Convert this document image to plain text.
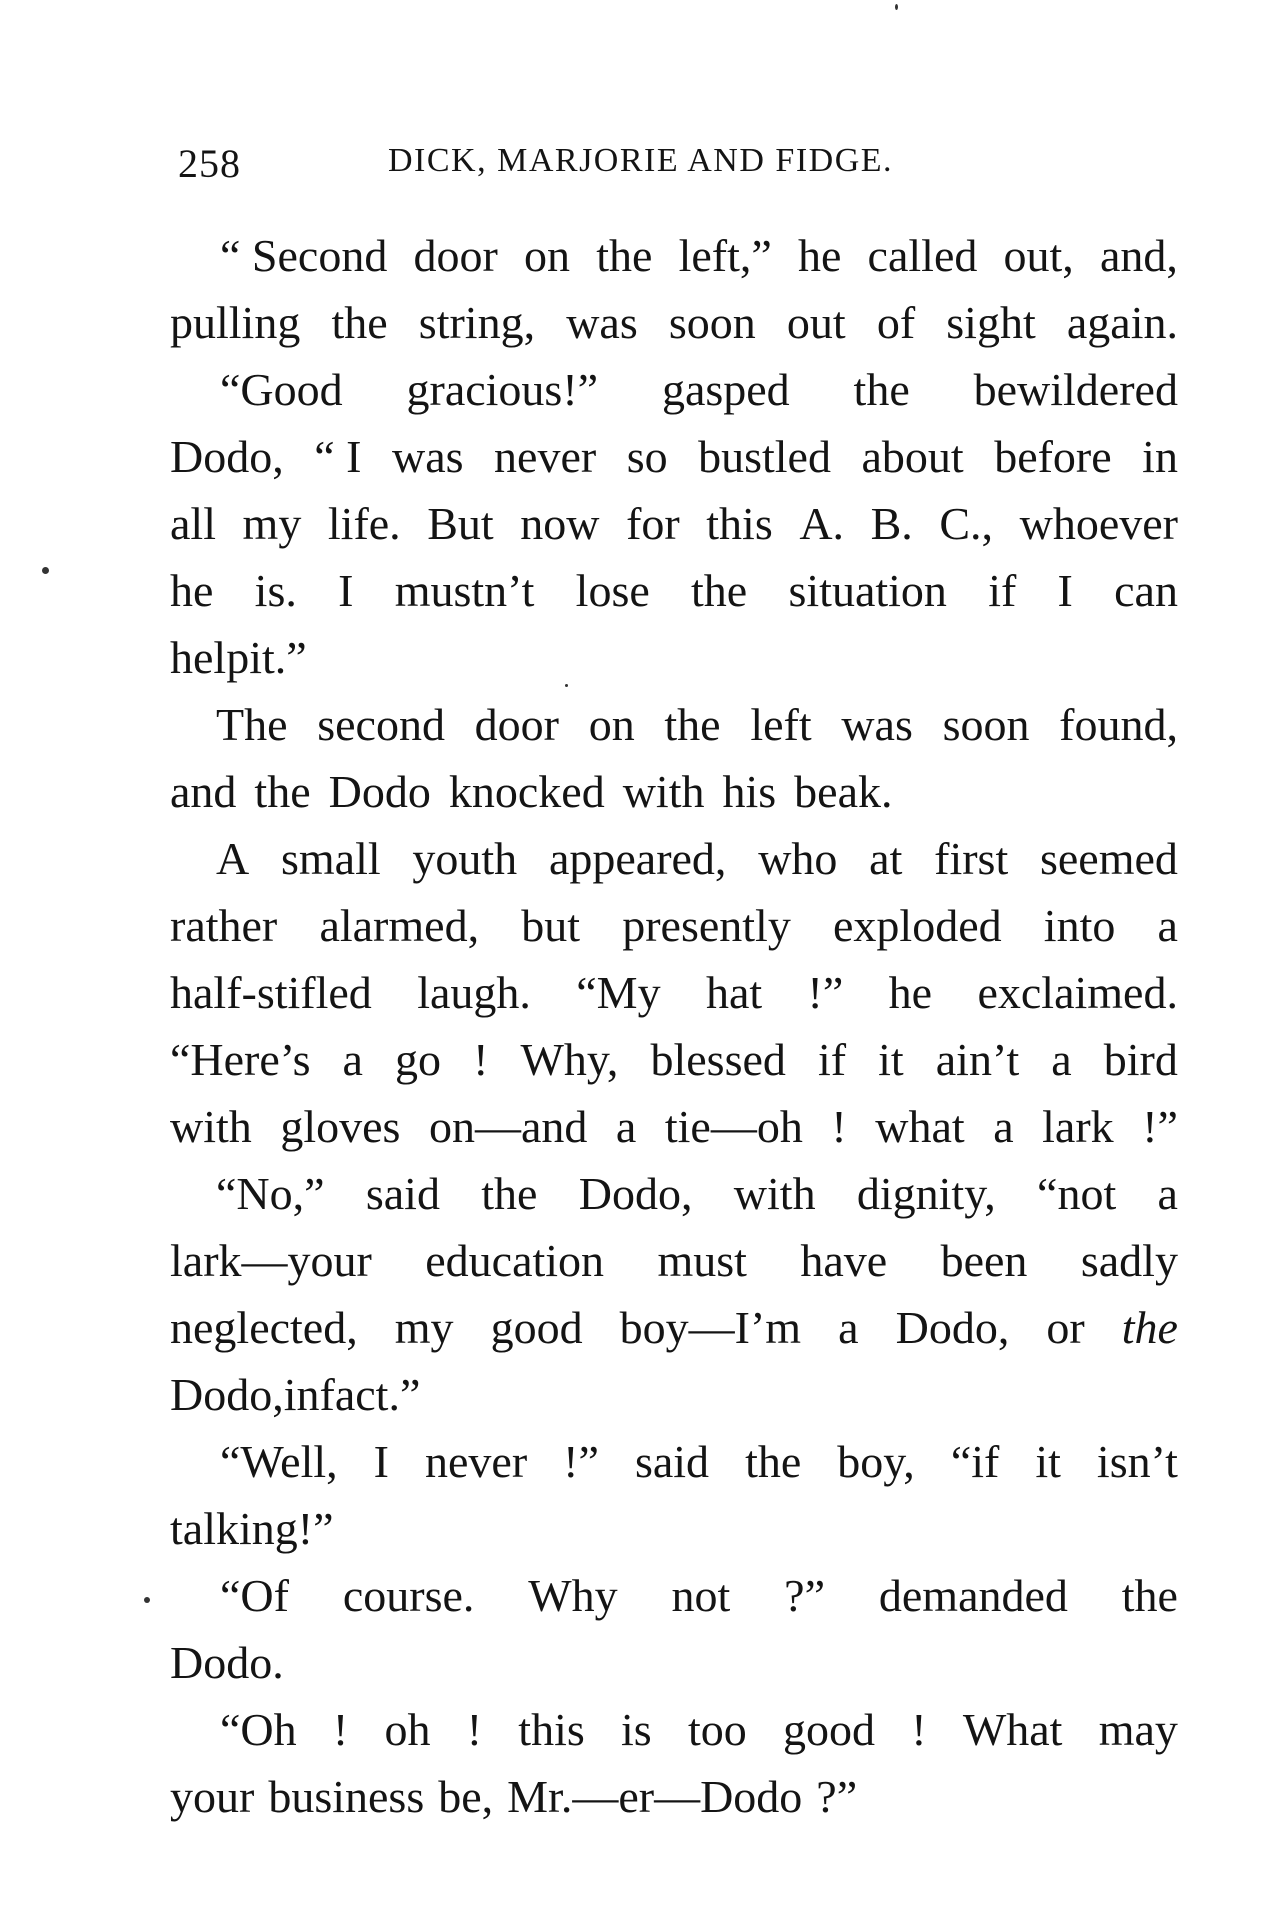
258	DICK, MARJORIE AND FIDGE.
“ Second door on the left,” he called out, and,
pulling the string, was soon out of sight again.
“Good gracious!” gasped the bewildered
Dodo, “ I was never so bustled about before in
all my life. But now for this A. B. C., whoever
he is. I mustn’t lose the situation if I can
help it.”
The second door on the left was soon found,
and the Dodo knocked with his beak.
A small youth appeared, who at first seemed
rather alarmed, but presently exploded into a
half-stifled laugh. “My hat !” he exclaimed.
“Here’s a go ! Why, blessed if it ain’t a bird
with gloves on—and a tie—oh ! what a lark !”
“No,” said the Dodo, with dignity, “not a
lark—your education must have been sadly
neglected, my good boy—I’m a Dodo, or the
Dodo, in fact.”
“Well, I never !” said the boy, “if it isn’t
talking !”
“Of course. Why not ?” demanded the
Dodo.
“Oh ! oh ! this is too good ! What may
your business be, Mr.—er—Dodo ?”
